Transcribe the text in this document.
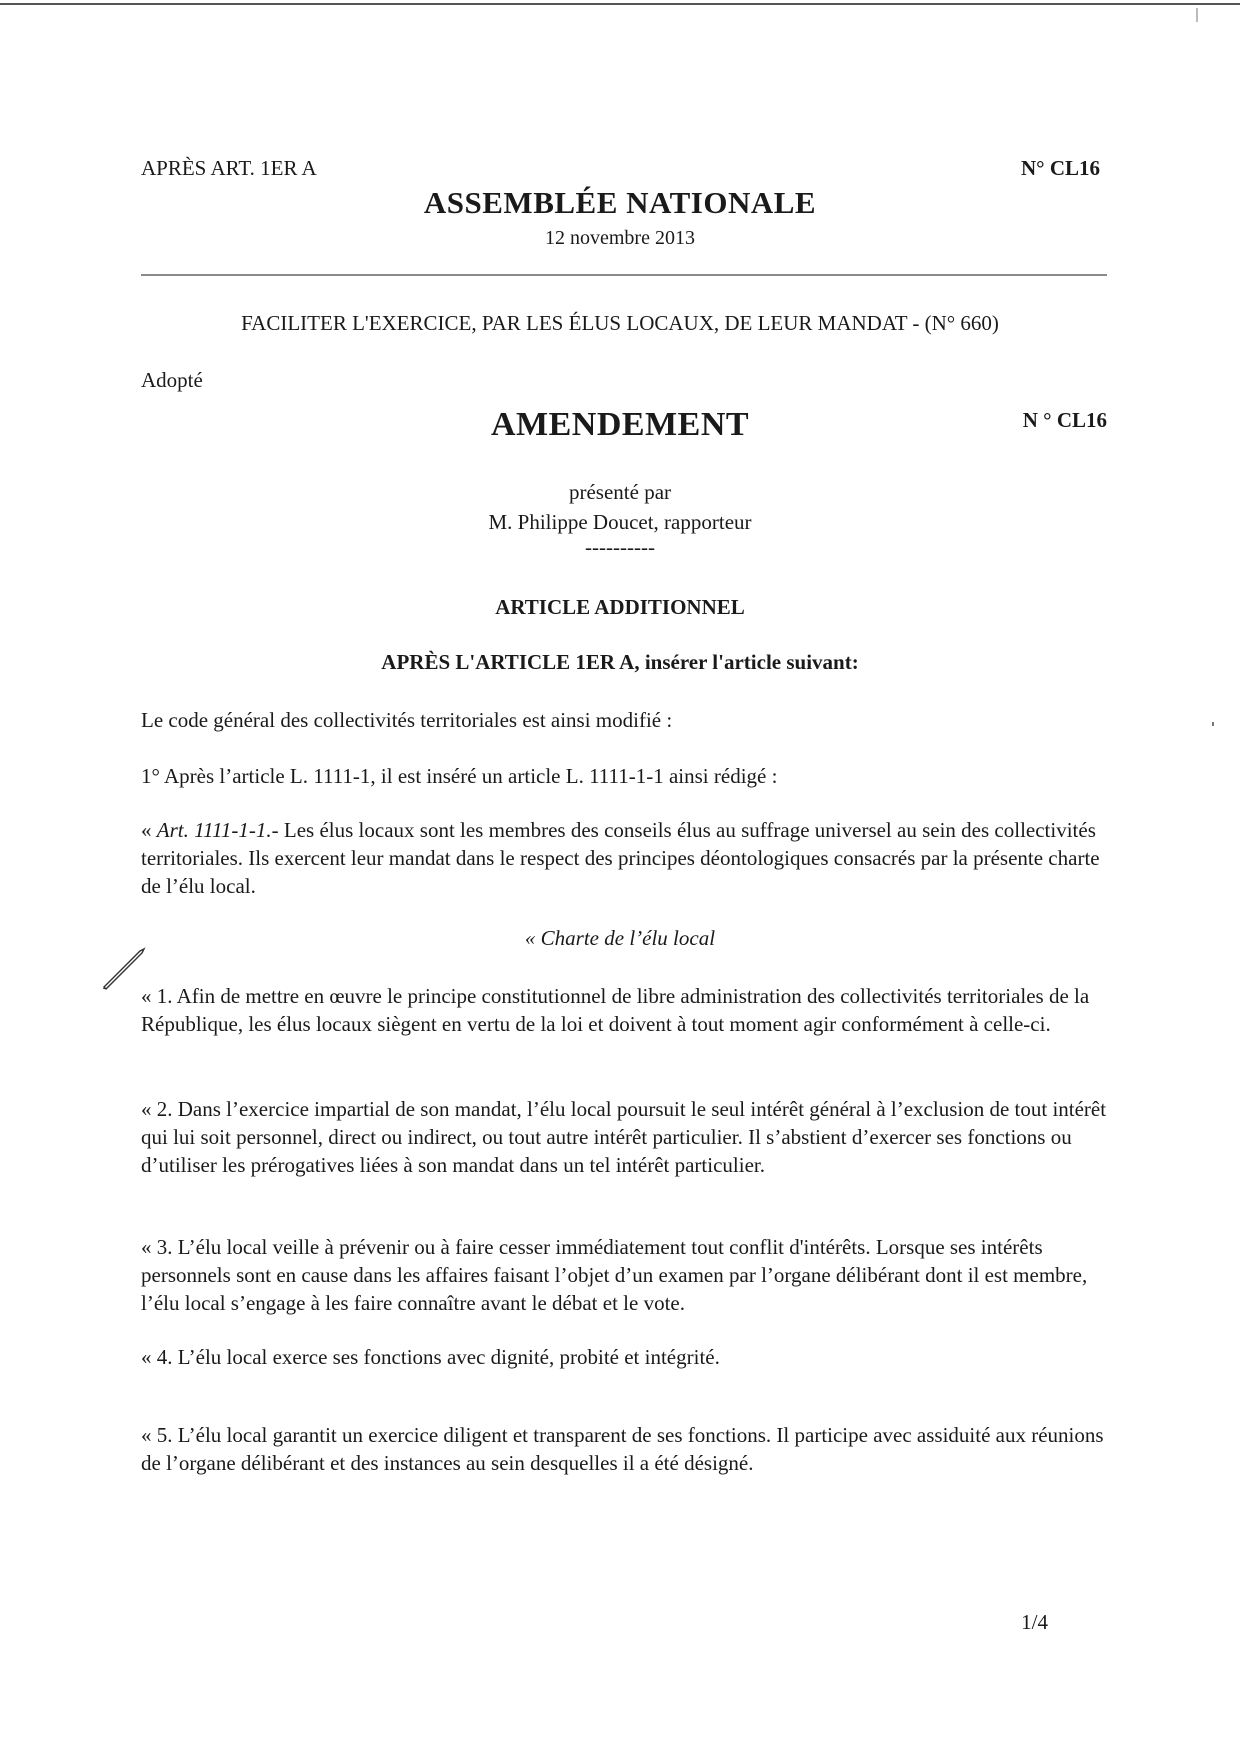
APRÈS ART. 1ER A	N° CL16
ASSEMBLÉE NATIONALE
12 novembre 2013
FACILITER L'EXERCICE, PAR LES ÉLUS LOCAUX, DE LEUR MANDAT - (N° 660)
Adopté
AMENDEMENT	N ° CL16
présenté par
M. Philippe Doucet, rapporteur
----------
ARTICLE ADDITIONNEL
APRÈS L'ARTICLE 1ER A, insérer l'article suivant:
Le code général des collectivités territoriales est ainsi modifié :
1° Après l’article L. 1111-1, il est inséré un article L. 1111-1-1 ainsi rédigé :
« Art. 1111-1-1.- Les élus locaux sont les membres des conseils élus au suffrage universel au sein des collectivités territoriales. Ils exercent leur mandat dans le respect des principes déontologiques consacrés par la présente charte de l’élu local.
« Charte de l’élu local
« 1. Afin de mettre en œuvre le principe constitutionnel de libre administration des collectivités territoriales de la République, les élus locaux siègent en vertu de la loi et doivent à tout moment agir conformément à celle-ci.
« 2. Dans l’exercice impartial de son mandat, l’élu local poursuit le seul intérêt général à l’exclusion de tout intérêt qui lui soit personnel, direct ou indirect, ou tout autre intérêt particulier. Il s’abstient d’exercer ses fonctions ou d’utiliser les prérogatives liées à son mandat dans un tel intérêt particulier.
« 3. L’élu local veille à prévenir ou à faire cesser immédiatement tout conflit d'intérêts. Lorsque ses intérêts personnels sont en cause dans les affaires faisant l’objet d’un examen par l’organe délibérant dont il est membre, l’élu local s’engage à les faire connaître avant le débat et le vote.
« 4. L’élu local exerce ses fonctions avec dignité, probité et intégrité.
« 5. L’élu local garantit un exercice diligent et transparent de ses fonctions. Il participe avec assiduité aux réunions de l’organe délibérant et des instances au sein desquelles il a été désigné.
1/4
